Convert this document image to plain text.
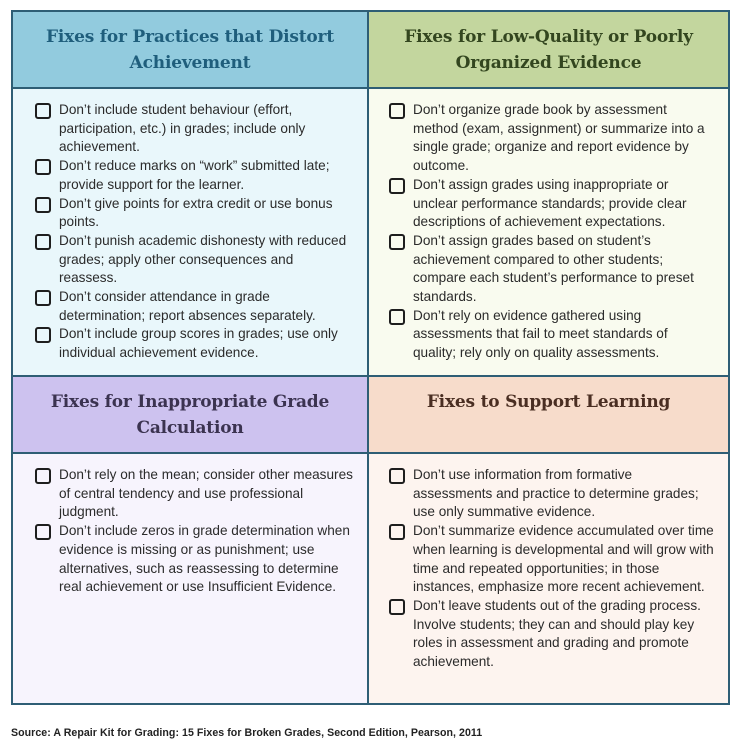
Fixes for Practices that Distort Achievement
Don’t include student behaviour (effort, participation, etc.) in grades; include only achievement.
Don’t reduce marks on “work” submitted late; provide support for the learner.
Don’t give points for extra credit or use bonus points.
Don’t punish academic dishonesty with reduced grades; apply other consequences and reassess.
Don’t consider attendance in grade determination; report absences separately.
Don’t include group scores in grades; use only individual achievement evidence.
Fixes for Low-Quality or Poorly Organized Evidence
Don’t organize grade book by assessment method (exam, assignment) or summarize into a single grade; organize and report evidence by outcome.
Don’t assign grades using inappropriate or unclear performance standards; provide clear descriptions of achievement expectations.
Don’t assign grades based on student’s achievement compared to other students; compare each student’s performance to preset standards.
Don’t rely on evidence gathered using assessments that fail to meet standards of quality; rely only on quality assessments.
Fixes for Inappropriate Grade Calculation
Don’t rely on the mean; consider other measures of central tendency and use professional judgment.
Don’t include zeros in grade determination when evidence is missing or as punishment; use alternatives, such as reassessing to determine real achievement or use Insufficient Evidence.
Fixes to Support Learning
Don’t use information from formative assessments and practice to determine grades; use only summative evidence.
Don’t summarize evidence accumulated over time when learning is developmental and will grow with time and repeated opportunities; in those instances, emphasize more recent achievement.
Don’t leave students out of the grading process. Involve students; they can and should play key roles in assessment and grading and promote achievement.
Source: A Repair Kit for Grading: 15 Fixes for Broken Grades, Second Edition, Pearson, 2011
